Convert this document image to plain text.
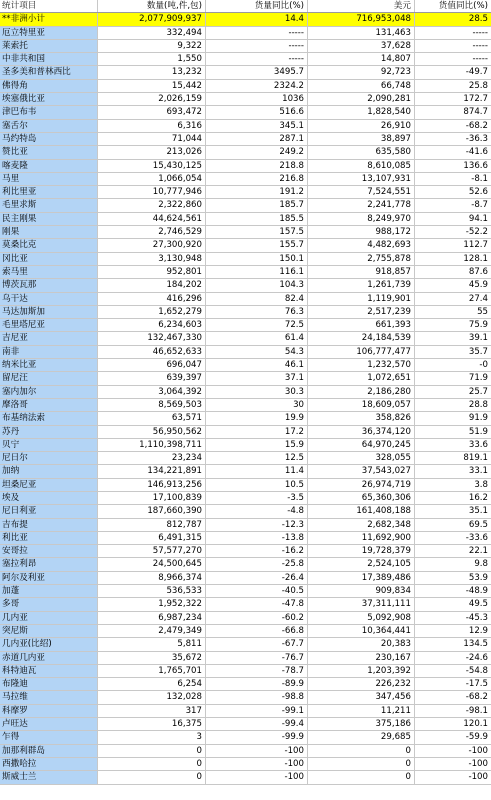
统计项目	数量(吨,件,包)	货量同比(%)	美元	货值同比(%)
**非洲小计	2,077,909,937	14.4	716,953,048	28.5
厄立特里亚	332,494	-----	131,463	-----
莱索托	9,322	-----	37,628	-----
中非共和国	1,550	-----	14,807	-----
圣多美和普林西比	13,232	3495.7	92,723	-49.7
佛得角	15,442	2324.2	66,748	25.8
埃塞俄比亚	2,026,159	1036	2,090,281	172.7
津巴布韦	693,472	516.6	1,828,540	874.7
塞舌尔	6,316	345.1	26,910	-68.2
马约特岛	71,044	287.1	38,897	-36.3
赞比亚	213,026	249.2	635,580	-41.6
喀麦隆	15,430,125	218.8	8,610,085	136.6
马里	1,066,054	216.8	13,107,931	-8.1
利比里亚	10,777,946	191.2	7,524,551	52.6
毛里求斯	2,322,860	185.7	2,241,778	-8.7
民主刚果	44,624,561	185.5	8,249,970	94.1
刚果	2,746,529	157.5	988,172	-52.2
莫桑比克	27,300,920	155.7	4,482,693	112.7
冈比亚	3,130,948	150.1	2,755,878	128.1
索马里	952,801	116.1	918,857	87.6
博茨瓦那	184,202	104.3	1,261,739	45.9
乌干达	416,296	82.4	1,119,901	27.4
马达加斯加	1,652,279	76.3	2,517,239	55
毛里塔尼亚	6,234,603	72.5	661,393	75.9
吉尼亚	132,467,330	61.4	24,184,539	39.1
南非	46,652,633	54.3	106,777,477	35.7
纳米比亚	696,047	46.1	1,232,570	-0
留尼汪	639,397	37.1	1,072,651	71.9
塞内加尔	3,064,392	30.3	2,186,280	25.7
摩洛哥	8,569,503	30	18,609,057	28.8
布基纳法索	63,571	19.9	358,826	91.9
苏丹	56,950,562	17.2	36,374,120	51.9
贝宁	1,110,398,711	15.9	64,970,245	33.6
尼日尔	23,234	12.5	328,055	819.1
加纳	134,221,891	11.4	37,543,027	33.1
坦桑尼亚	146,913,256	10.5	26,974,719	3.8
埃及	17,100,839	-3.5	65,360,306	16.2
尼日利亚	187,660,390	-4.8	161,408,188	35.1
吉布提	812,787	-12.3	2,682,348	69.5
利比亚	6,491,315	-13.8	11,692,900	-33.6
安哥拉	57,577,270	-16.2	19,728,379	22.1
塞拉利昂	24,500,645	-25.8	2,524,105	9.8
阿尔及利亚	8,966,374	-26.4	17,389,486	53.9
加蓬	536,533	-40.5	909,834	-48.9
多哥	1,952,322	-47.8	37,311,111	49.5
几内亚	6,987,234	-60.2	5,092,908	-45.3
突尼斯	2,479,349	-66.8	10,364,441	12.9
几内亚(比绍)	5,811	-67.7	20,383	134.5
赤道几内亚	35,672	-76.7	230,167	-24.6
科特迪瓦	1,765,701	-78.7	1,203,392	-54.8
布隆迪	6,254	-89.9	226,232	-17.5
马拉维	132,028	-98.8	347,456	-68.2
科摩罗	317	-99.1	11,211	-98.1
卢旺达	16,375	-99.4	375,186	120.1
乍得	3	-99.9	29,685	-59.9
加那利群岛	0	-100	0	-100
西撒哈拉	0	-100	0	-100
斯威士兰	0	-100	0	-100
